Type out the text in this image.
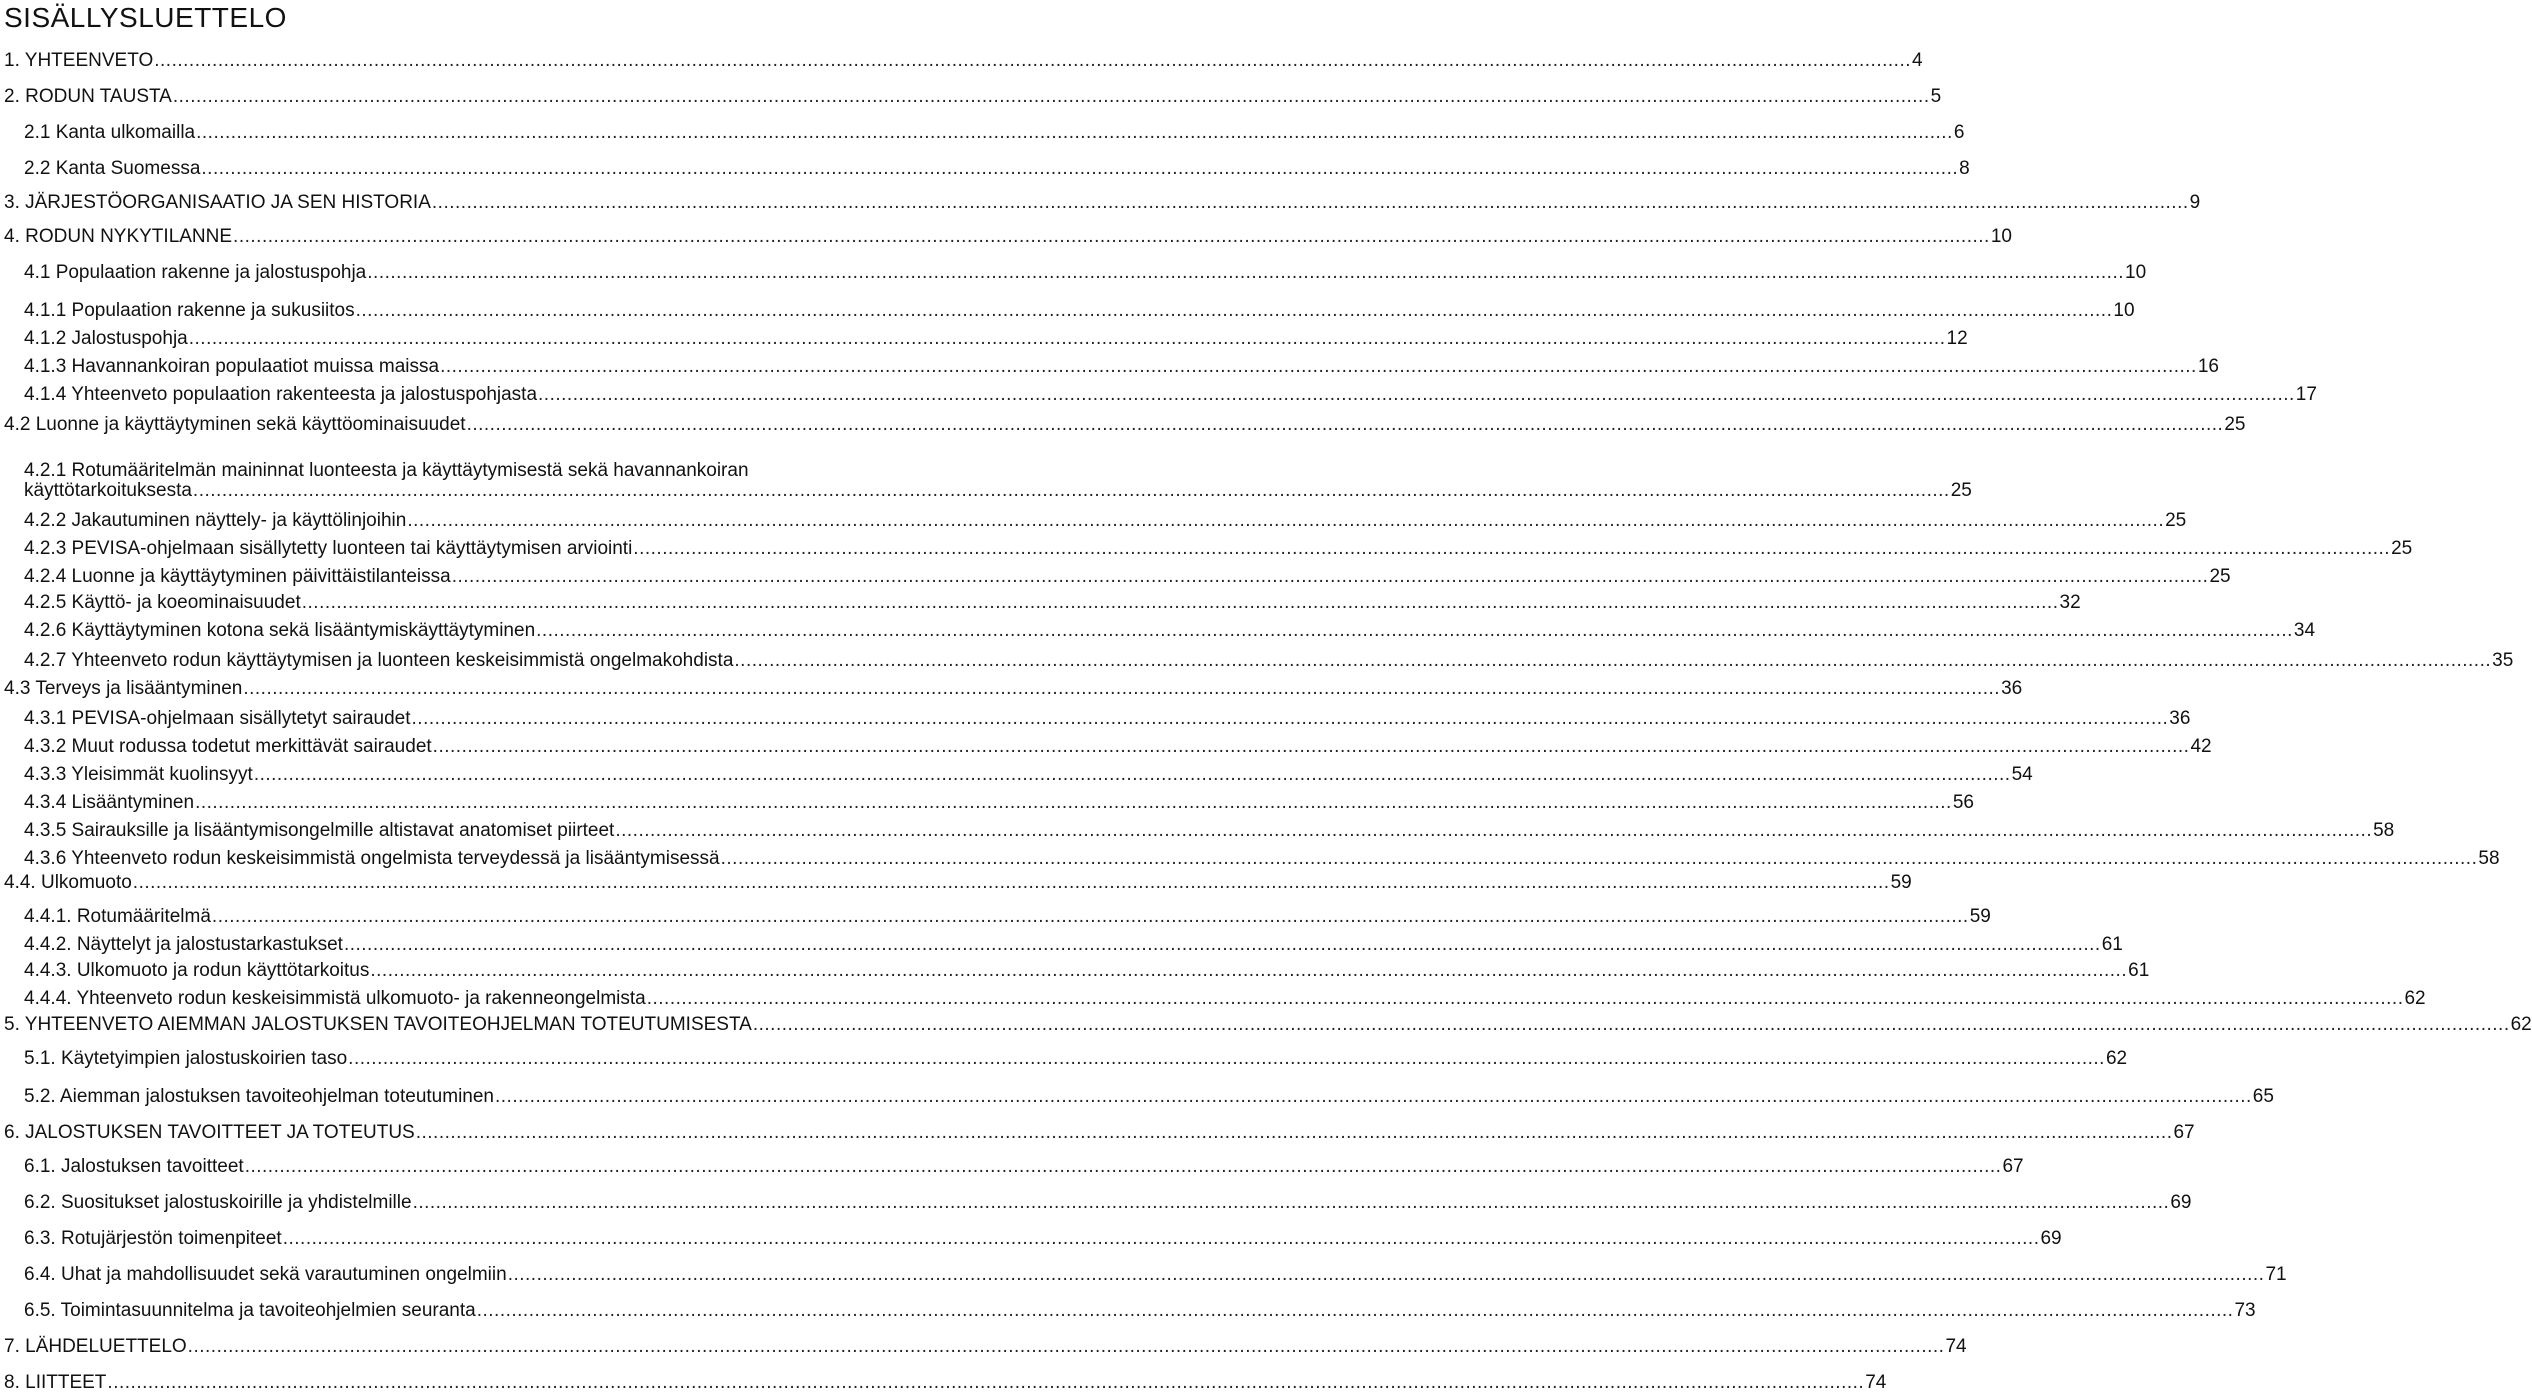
SISÄLLYSLUETTELO
1. YHTEENVETO .....	4
2. RODUN TAUSTA .....	5
2.1 Kanta ulkomailla .....	6
2.2 Kanta Suomessa .....	8
3. JÄRJESTÖORGANISAATIO JA SEN HISTORIA .....	9
4. RODUN NYKYTILANNE .....	10
4.1 Populaation rakenne ja jalostuspohja .....	10
4.1.1 Populaation rakenne ja sukusiitos .....	10
4.1.2 Jalostuspohja .....	12
4.1.3 Havannankoiran populaatiot muissa maissa .....	16
4.1.4 Yhteenveto populaation rakenteesta ja jalostuspohjasta .....	17
4.2 Luonne ja käyttäytyminen sekä käyttöominaisuudet .....	25
4.2.1 Rotumääritelmän maininnat luonteesta ja käyttäytymisestä sekä havannankoiran
käyttötarkoituksesta .....	25
4.2.2 Jakautuminen näyttely- ja käyttölinjoihin .....	25
4.2.3 PEVISA-ohjelmaan sisällytetty luonteen tai käyttäytymisen arviointi .....	25
4.2.4 Luonne ja käyttäytyminen päivittäistilanteissa .....	25
4.2.5 Käyttö- ja koeominaisuudet .....	32
4.2.6 Käyttäytyminen kotona sekä lisääntymiskäyttäytyminen .....	34
4.2.7 Yhteenveto rodun käyttäytymisen ja luonteen keskeisimmistä ongelmakohdista .....	35
4.3 Terveys ja lisääntyminen .....	36
4.3.1 PEVISA-ohjelmaan sisällytetyt sairaudet .....	36
4.3.2 Muut rodussa todetut merkittävät sairaudet .....	42
4.3.3 Yleisimmät kuolinsyyt .....	54
4.3.4 Lisääntyminen .....	56
4.3.5 Sairauksille ja lisääntymisongelmille altistavat anatomiset piirteet .....	58
4.3.6 Yhteenveto rodun keskeisimmistä ongelmista terveydessä ja lisääntymisessä .....	58
4.4. Ulkomuoto .....	59
4.4.1. Rotumääritelmä .....	59
4.4.2. Näyttelyt ja jalostustarkastukset .....	61
4.4.3. Ulkomuoto ja rodun käyttötarkoitus .....	61
4.4.4. Yhteenveto rodun keskeisimmistä ulkomuoto- ja rakenneongelmista .....	62
5. YHTEENVETO AIEMMAN JALOSTUKSEN TAVOITEOHJELMAN TOTEUTUMISESTA .....	62
5.1. Käytetyimpien jalostuskoirien taso .....	62
5.2. Aiemman jalostuksen tavoiteohjelman toteutuminen .....	65
6. JALOSTUKSEN TAVOITTEET JA TOTEUTUS .....	67
6.1. Jalostuksen tavoitteet .....	67
6.2. Suositukset jalostuskoirille ja yhdistelmille .....	69
6.3. Rotujärjestön toimenpiteet .....	69
6.4. Uhat ja mahdollisuudet sekä varautuminen ongelmiin .....	71
6.5. Toimintasuunnitelma ja tavoiteohjelmien seuranta .....	73
7. LÄHDELUETTELO .....	74
8. LIITTEET .....	74
